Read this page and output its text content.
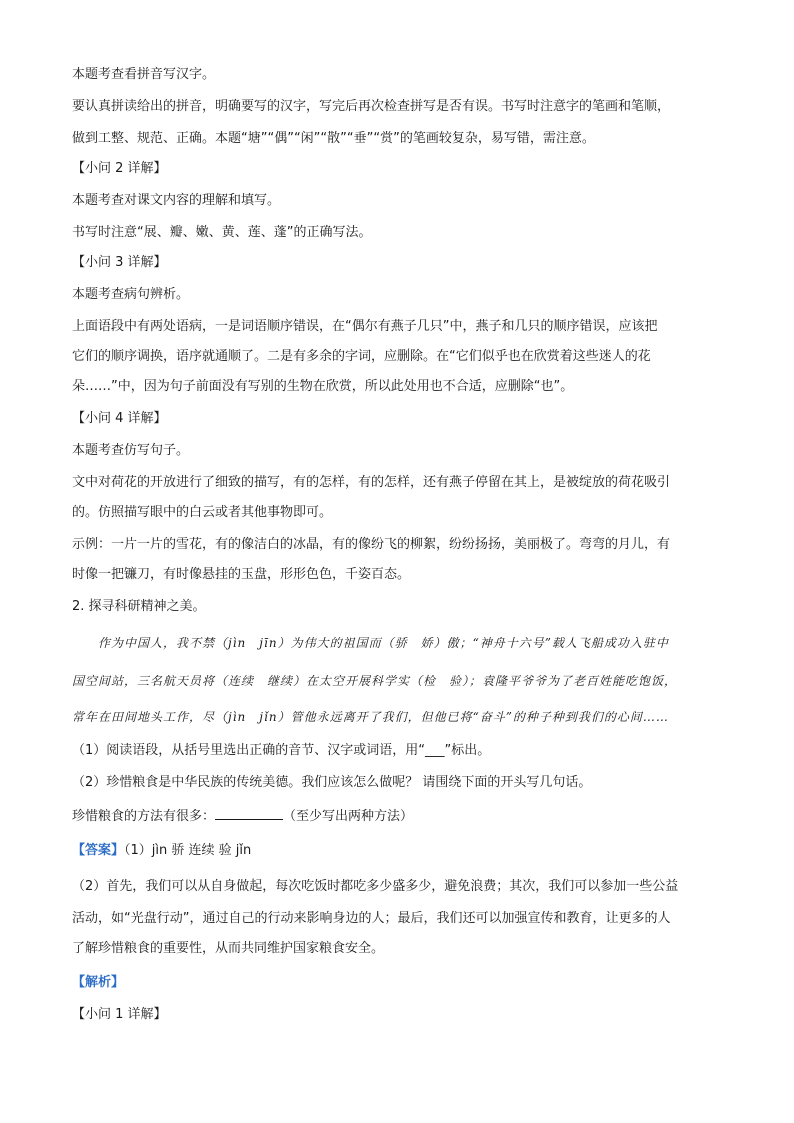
本题考查看拼音写汉字。
要认真拼读给出的拼音，明确要写的汉字，写完后再次检查拼写是否有误。书写时注意字的笔画和笔顺，
做到工整、规范、正确。本题“塘”“偶”“闲”“散”“垂”“赏”的笔画较复杂，易写错，需注意。
【小问 2 详解】
本题考查对课文内容的理解和填写。
书写时注意“展、瓣、嫩、黄、莲、蓬”的正确写法。
【小问 3 详解】
本题考查病句辨析。
上面语段中有两处语病，一是词语顺序错误，在“偶尔有燕子几只”中，燕子和几只的顺序错误，应该把
它们的顺序调换，语序就通顺了。二是有多余的字词，应删除。在“它们似乎也在欣赏着这些迷人的花
朵……”中，因为句子前面没有写别的生物在欣赏，所以此处用也不合适，应删除“也”。
【小问 4 详解】
本题考查仿写句子。
文中对荷花的开放进行了细致的描写，有的怎样，有的怎样，还有燕子停留在其上，是被绽放的荷花吸引
的。仿照描写眼中的白云或者其他事物即可。
示例：一片一片的雪花，有的像洁白的冰晶，有的像纷飞的柳絮，纷纷扬扬，美丽极了。弯弯的月儿，有
时像一把镰刀，有时像悬挂的玉盘，形形色色，千姿百态。
2. 探寻科研精神之美。
　　作为中国人，我不禁（jìn　jīn）为伟大的祖国而（骄　娇）傲；“神舟十六号”载人飞船成功入驻中
国空间站，三名航天员将（连续　继续）在太空开展科学实（检　验）；袁隆平爷爷为了老百姓能吃饱饭，
常年在田间地头工作，尽（jìn　jǐn）管他永远离开了我们，但他已将“奋斗”的种子种到我们的心间……
（1）阅读语段，从括号里选出正确的音节、汉字或词语，用“___”标出。
（2）珍惜粮食是中华民族的传统美德。我们应该怎么做呢？ 请围绕下面的开头写几句话。
珍惜粮食的方法有很多：	（至少写出两种方法）
【答案】（1）jìn 骄 连续 验 jǐn
（2）首先，我们可以从自身做起，每次吃饭时都吃多少盛多少，避免浪费；其次，我们可以参加一些公益
活动，如“光盘行动”，通过自己的行动来影响身边的人；最后，我们还可以加强宣传和教育，让更多的人
了解珍惜粮食的重要性，从而共同维护国家粮食安全。
【解析】
【小问 1 详解】
